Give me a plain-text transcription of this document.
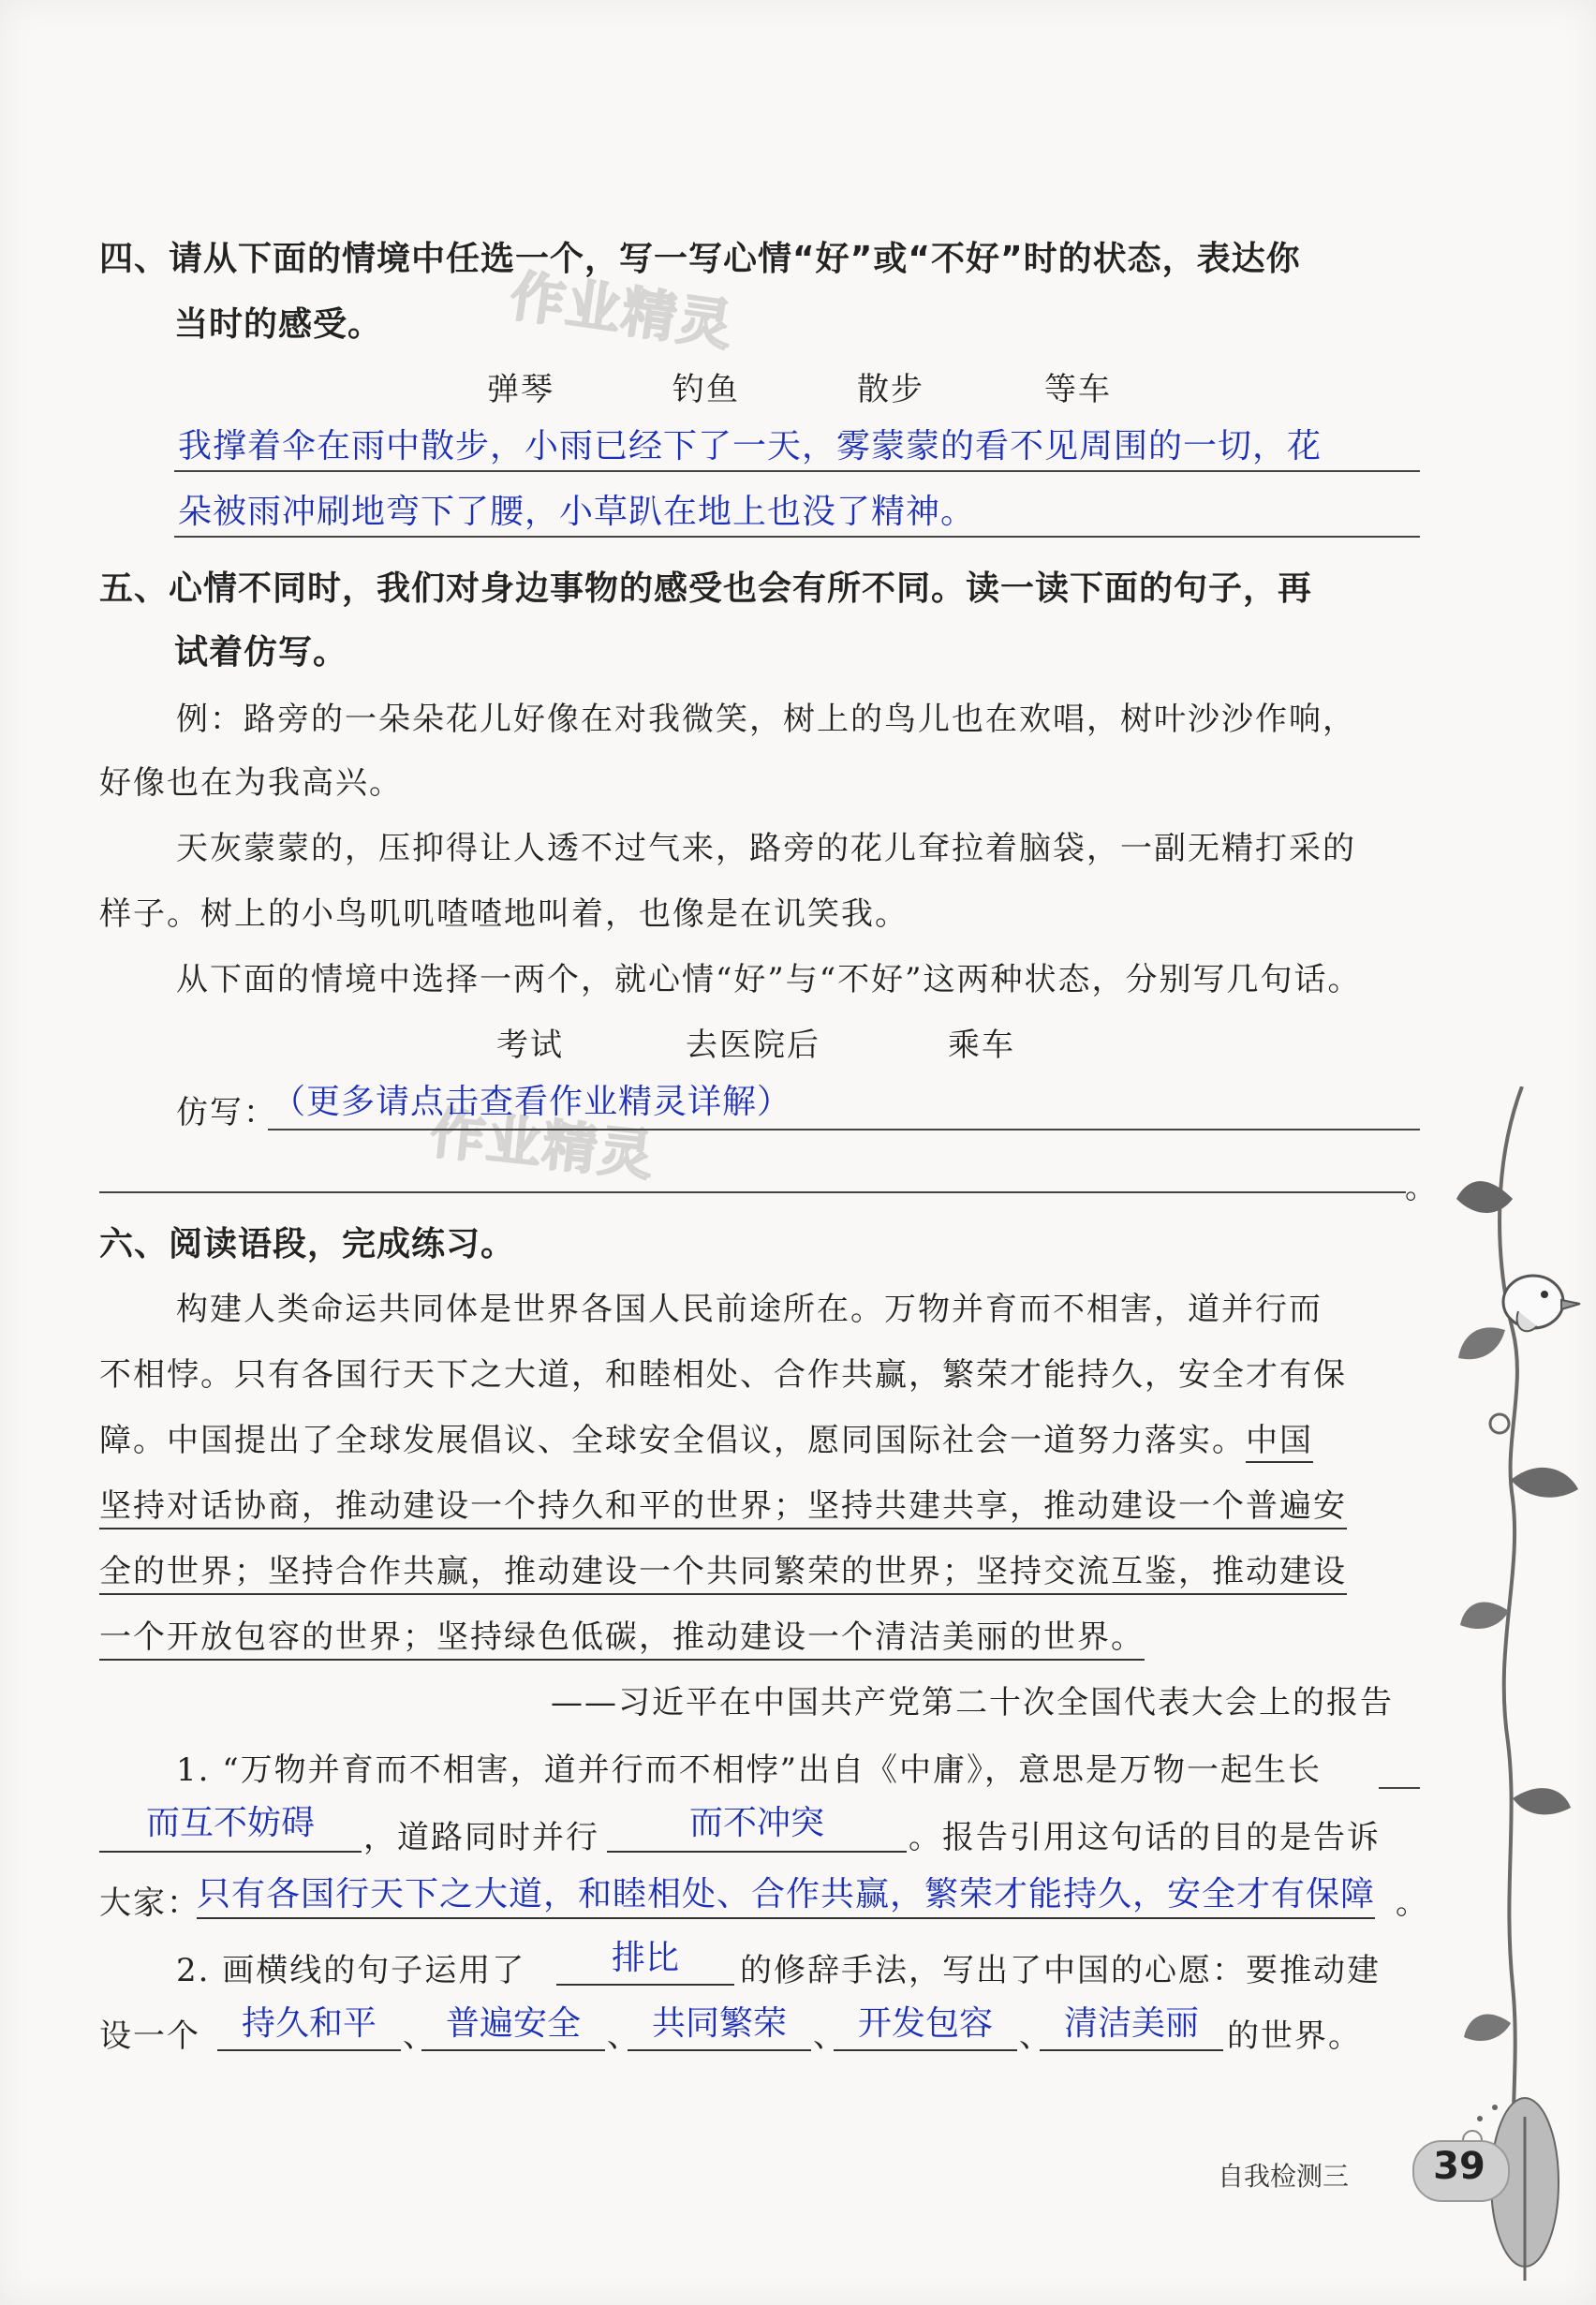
作业精灵
作业精灵
四、请从下面的情境中任选一个，写一写心情“好”或“不好”时的状态，表达你
当时的感受。
弹琴	钓鱼	散步	等车
我撑着伞在雨中散步，小雨已经下了一天，雾蒙蒙的看不见周围的一切，花
朵被雨冲刷地弯下了腰，小草趴在地上也没了精神。
五、心情不同时，我们对身边事物的感受也会有所不同。读一读下面的句子，再
试着仿写。
例：路旁的一朵朵花儿好像在对我微笑，树上的鸟儿也在欢唱，树叶沙沙作响，
好像也在为我高兴。
天灰蒙蒙的，压抑得让人透不过气来，路旁的花儿耷拉着脑袋，一副无精打采的
样子。树上的小鸟叽叽喳喳地叫着，也像是在讥笑我。
从下面的情境中选择一两个，就心情“好”与“不好”这两种状态，分别写几句话。
考试	去医院后	乘车
仿写：
（更多请点击查看作业精灵详解）
。
六、阅读语段，完成练习。
构建人类命运共同体是世界各国人民前途所在。万物并育而不相害，道并行而
不相悖。只有各国行天下之大道，和睦相处、合作共赢，繁荣才能持久，安全才有保
障。中国提出了全球发展倡议、全球安全倡议，愿同国际社会一道努力落实。中国
坚持对话协商，推动建设一个持久和平的世界；坚持共建共享，推动建设一个普遍安
全的世界；坚持合作共赢，推动建设一个共同繁荣的世界；坚持交流互鉴，推动建设
一个开放包容的世界；坚持绿色低碳，推动建设一个清洁美丽的世界。
——习近平在中国共产党第二十次全国代表大会上的报告
1. “万物并育而不相害，道并行而不相悖”出自《中庸》，意思是万物一起生长
而互不妨碍	，道路同时并行	而不冲突	。报告引用这句话的目的是告诉
大家：
只有各国行天下之大道，和睦相处、合作共赢，繁荣才能持久，安全才有保障 。
2. 画横线的句子运用了	排比	的修辞手法，写出了中国的心愿：要推动建
设一个	持久和平 、 普遍安全 、 共同繁荣 、 开发包容 、 清洁美丽 的世界。
自我检测三 39
